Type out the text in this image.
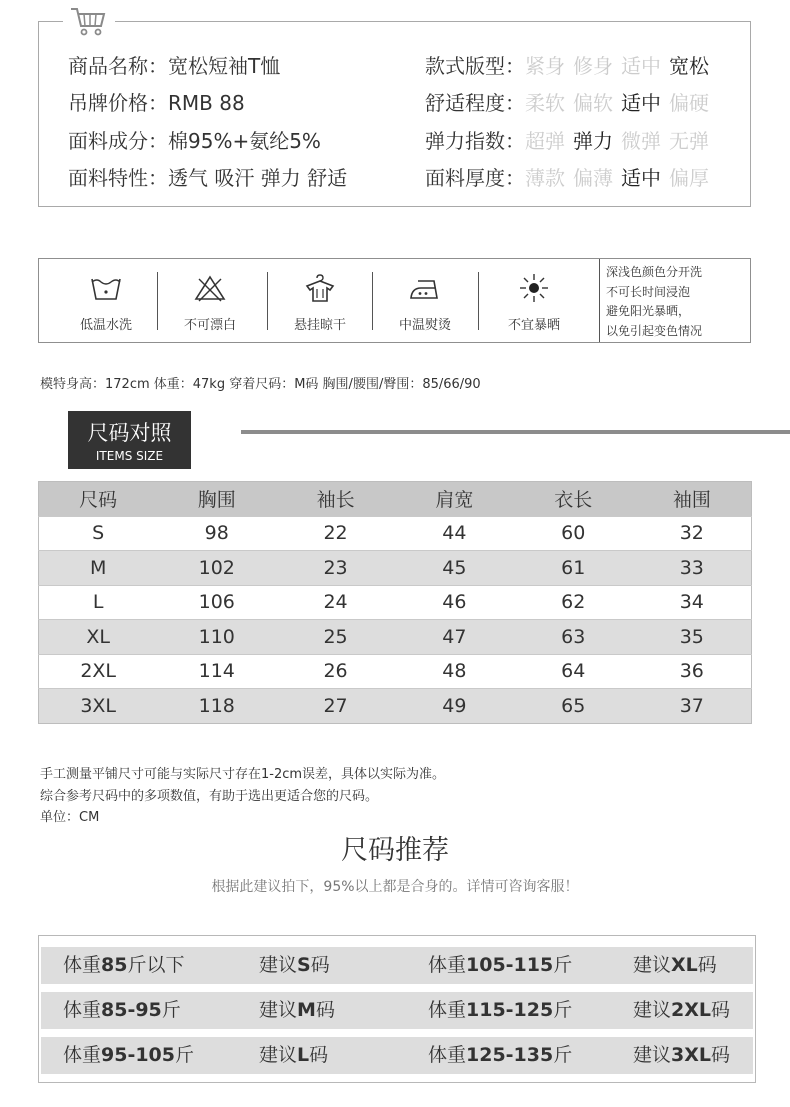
商品名称：宽松短袖T恤
吊牌价格：RMB 88
面料成分：棉95%+氨纶5%
面料特性：透气 吸汗 弹力 舒适
款式版型：紧身 修身 适中 宽松
舒适程度：柔软 偏软 适中 偏硬
弹力指数：超弹 弹力 微弹 无弹
面料厚度：薄款 偏薄 适中 偏厚
低温水洗	不可漂白	悬挂晾干	中温熨烫	不宜暴晒
深浅色颜色分开洗
不可长时间浸泡
避免阳光暴晒，
以免引起变色情况
模特身高：172cm 体重：47kg 穿着尺码：M码 胸围/腰围/臀围：85/66/90
尺码对照
ITEMS SIZE
尺码	胸围	袖长	肩宽	衣长	袖围
S	98	22	44	60	32
M	102	23	45	61	33
L	106	24	46	62	34
XL	110	25	47	63	35
2XL	114	26	48	64	36
3XL	118	27	49	65	37
手工测量平铺尺寸可能与实际尺寸存在1-2cm误差，具体以实际为准。
综合参考尺码中的多项数值，有助于选出更适合您的尺码。
单位：CM
尺码推荐
根据此建议拍下，95%以上都是合身的。详情可咨询客服！
体重85斤以下	建议S码	体重105-115斤	建议XL码
体重85-95斤	建议M码	体重115-125斤	建议2XL码
体重95-105斤	建议L码	体重125-135斤	建议3XL码
